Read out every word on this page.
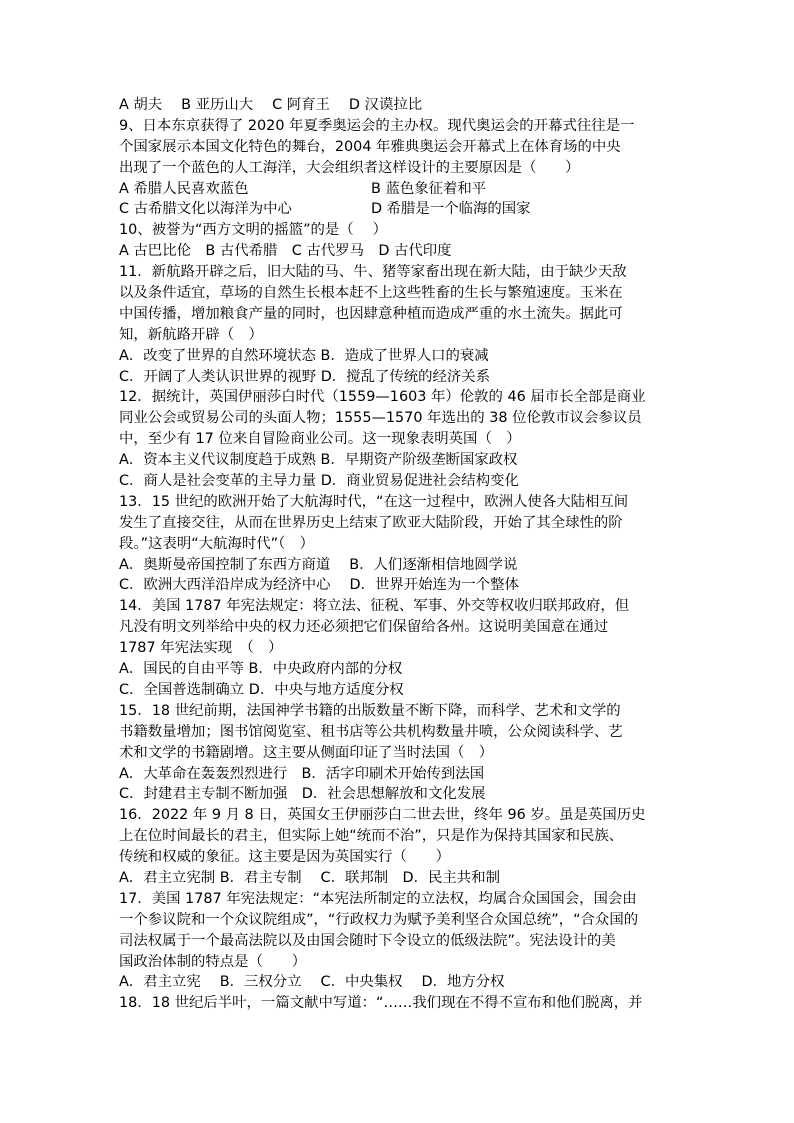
A 胡夫　 B 亚历山大　 C 阿育王　 D 汉谟拉比
9、日本东京获得了 2020 年夏季奥运会的主办权。现代奥运会的开幕式往往是一
个国家展示本国文化特色的舞台，2004 年雅典奥运会开幕式上在体育场的中央
出现了一个蓝色的人工海洋，大会组织者这样设计的主要原因是（　　）
A 希腊人民喜欢蓝色	B 蓝色象征着和平
C 古希腊文化以海洋为中心	D 希腊是一个临海的国家
10、被誉为“西方文明的摇篮”的是（　 ）
A 古巴比伦　B 古代希腊　C 古代罗马　D 古代印度
11．新航路开辟之后，旧大陆的马、牛、猪等家畜出现在新大陆，由于缺少天敌
以及条件适宜，草场的自然生长根本赶不上这些牲畜的生长与繁殖速度。玉米在
中国传播，增加粮食产量的同时，也因肆意种植而造成严重的水土流失。据此可
知，新航路开辟（　）
A．改变了世界的自然环境状态 B．造成了世界人口的衰减
C．开阔了人类认识世界的视野 D．搅乱了传统的经济关系
12．据统计，英国伊丽莎白时代（1559—1603 年）伦敦的 46 届市长全部是商业
同业公会或贸易公司的头面人物；1555—1570 年选出的 38 位伦敦市议会参议员
中，至少有 17 位来自冒险商业公司。这一现象表明英国（　）
A．资本主义代议制度趋于成熟 B．早期资产阶级垄断国家政权
C．商人是社会变革的主导力量 D．商业贸易促进社会结构变化
13．15 世纪的欧洲开始了大航海时代，“在这一过程中，欧洲人使各大陆相互间
发生了直接交往，从而在世界历史上结束了欧亚大陆阶段，开始了其全球性的阶
段。”这表明“大航海时代”（　）
A．奥斯曼帝国控制了东西方商道　 B．人们逐渐相信地圆学说
C．欧洲大西洋沿岸成为经济中心　 D．世界开始连为一个整体
14．美国 1787 年宪法规定：将立法、征税、军事、外交等权收归联邦政府，但
凡没有明文列举给中央的权力还必须把它们保留给各州。这说明美国意在通过
1787 年宪法实现　（　）
A．国民的自由平等 B．中央政府内部的分权
C．全国普选制确立 D．中央与地方适度分权
15．18 世纪前期，法国神学书籍的出版数量不断下降，而科学、艺术和文学的
书籍数量增加；图书馆阅览室、租书店等公共机构数量井喷，公众阅读科学、艺
术和文学的书籍剧增。这主要从侧面印证了当时法国（　）
A．大革命在轰轰烈烈进行　B．活字印刷术开始传到法国
C．封建君主专制不断加强　D．社会思想解放和文化发展
16．2022 年 9 月 8 日，英国女王伊丽莎白二世去世，终年 96 岁。虽是英国历史
上在位时间最长的君主，但实际上她“统而不治”，只是作为保持其国家和民族、
传统和权威的象征。这主要是因为英国实行（　　）
A．君主立宪制 B．君主专制　 C．联邦制　D．民主共和制
17．美国 1787 年宪法规定：“本宪法所制定的立法权，均属合众国国会，国会由
一个参议院和一个众议院组成”，“行政权力为赋予美利坚合众国总统”，“合众国的
司法权属于一个最高法院以及由国会随时下令设立的低级法院”。宪法设计的美
国政治体制的特点是（　　）
A．君主立宪　 B．三权分立　 C．中央集权　 D．地方分权
18．18 世纪后半叶，一篇文献中写道：“……我们现在不得不宣布和他们脱离，并
